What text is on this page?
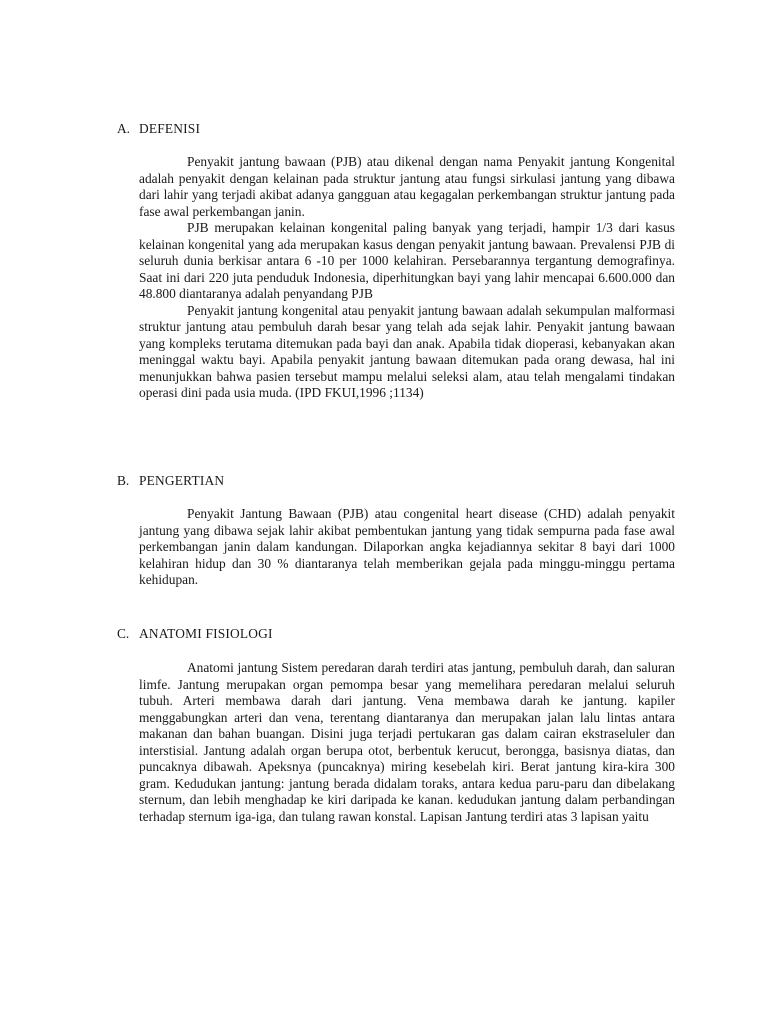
A. DEFENISI

Penyakit jantung bawaan (PJB) atau dikenal dengan nama Penyakit jantung Kongenital adalah penyakit dengan kelainan pada struktur jantung atau fungsi sirkulasi jantung yang dibawa dari lahir yang terjadi akibat adanya gangguan atau kegagalan perkembangan struktur jantung pada fase awal perkembangan janin.

PJB merupakan kelainan kongenital paling banyak yang terjadi, hampir 1/3 dari kasus kelainan kongenital yang ada merupakan kasus dengan penyakit jantung bawaan. Prevalensi PJB di seluruh dunia berkisar antara 6 -10 per 1000 kelahiran. Persebarannya tergantung demografinya. Saat ini dari 220 juta penduduk Indonesia, diperhitungkan bayi yang lahir mencapai 6.600.000 dan 48.800 diantaranya adalah penyandang PJB

Penyakit jantung kongenital atau penyakit jantung bawaan adalah sekumpulan malformasi struktur jantung atau pembuluh darah besar yang telah ada sejak lahir. Penyakit jantung bawaan yang kompleks terutama ditemukan pada bayi dan anak. Apabila tidak dioperasi, kebanyakan akan meninggal waktu bayi. Apabila penyakit jantung bawaan ditemukan pada orang dewasa, hal ini menunjukkan bahwa pasien tersebut mampu melalui seleksi alam, atau telah mengalami tindakan operasi dini pada usia muda. (IPD FKUI,1996 ;1134)

B. PENGERTIAN

Penyakit Jantung Bawaan (PJB) atau congenital heart disease (CHD) adalah penyakit jantung yang dibawa sejak lahir akibat pembentukan jantung yang tidak sempurna pada fase awal perkembangan janin dalam kandungan. Dilaporkan angka kejadiannya sekitar 8 bayi dari 1000 kelahiran hidup dan 30 % diantaranya telah memberikan gejala pada minggu-minggu pertama kehidupan.

C. ANATOMI FISIOLOGI

Anatomi jantung Sistem peredaran darah terdiri atas jantung, pembuluh darah, dan saluran limfe. Jantung merupakan organ pemompa besar yang memelihara peredaran melalui seluruh tubuh. Arteri membawa darah dari jantung. Vena membawa darah ke jantung. kapiler menggabungkan arteri dan vena, terentang diantaranya dan merupakan jalan lalu lintas antara makanan dan bahan buangan. Disini juga terjadi pertukaran gas dalam cairan ekstraseluler dan interstisial. Jantung adalah organ berupa otot, berbentuk kerucut, berongga, basisnya diatas, dan puncaknya dibawah. Apeksnya (puncaknya) miring kesebelah kiri. Berat jantung kira-kira 300 gram. Kedudukan jantung: jantung berada didalam toraks, antara kedua paru-paru dan dibelakang sternum, dan lebih menghadap ke kiri daripada ke kanan. kedudukan jantung dalam perbandingan terhadap sternum iga-iga, dan tulang rawan konstal. Lapisan Jantung terdiri atas 3 lapisan yaitu
